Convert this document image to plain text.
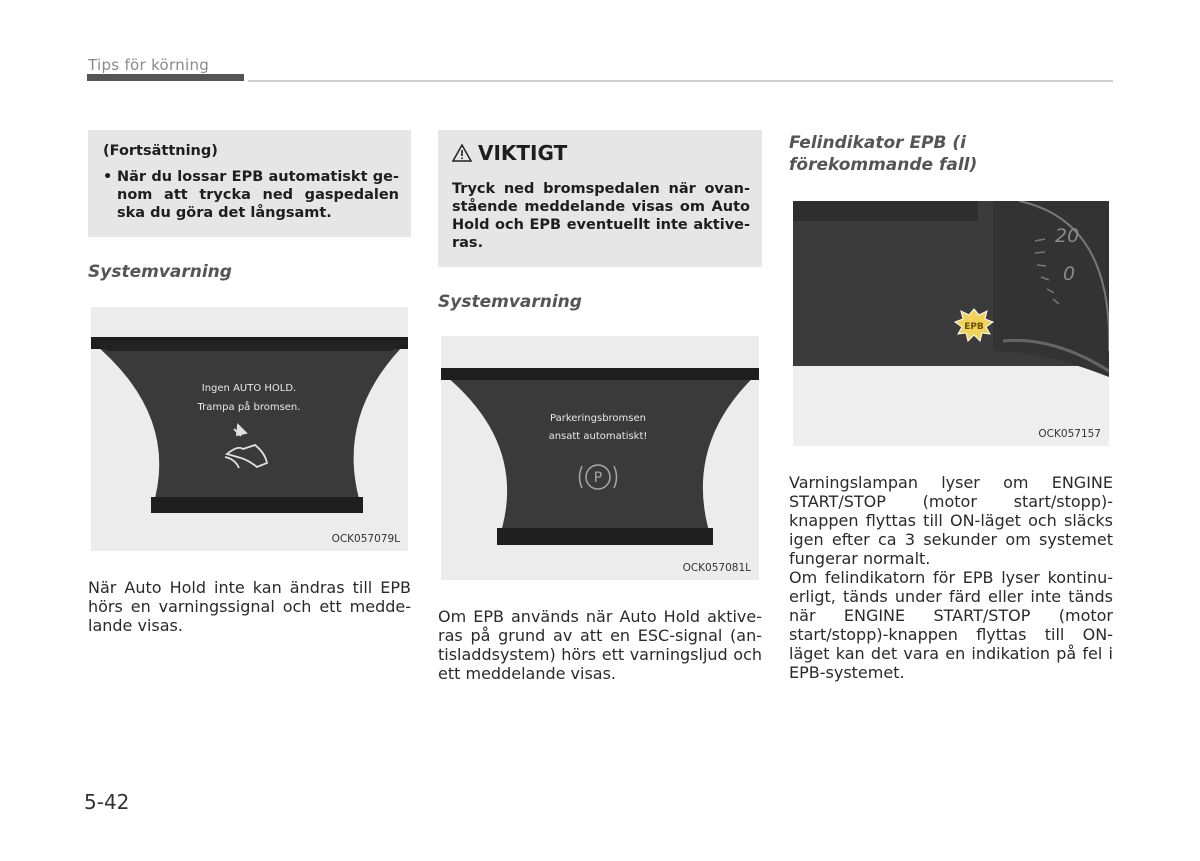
Tips för körning
(Fortsättning)
• När du lossar EPB automatiskt ge-nom att trycka ned gaspedalen ska du göra det långsamt.
Systemvarning
Ingen AUTO HOLD.
Trampa på bromsen.
OCK057079L
När Auto Hold inte kan ändras till EPB hörs en varningssignal och ett medde-lande visas.
VIKTIGT
Tryck ned bromspedalen när ovan-stående meddelande visas om Auto Hold och EPB eventuellt inte aktive-ras.
Systemvarning
Parkeringsbromsen
ansatt automatiskt!
P
OCK057081L
Om EPB används när Auto Hold aktive-ras på grund av att en ESC-signal (an-tisladdsystem) hörs ett varningsljud och ett meddelande visas.
Felindikator EPB (i förekommande fall)
20
0
EPB
OCK057157
Varningslampan lyser om ENGINE START/STOP (motor start/stopp)-knappen flyttas till ON-läget och släcks igen efter ca 3 sekunder om systemet fungerar normalt.
Om felindikatorn för EPB lyser kontinu-erligt, tänds under färd eller inte tänds när ENGINE START/STOP (motor start/stopp)-knappen flyttas till ON-läget kan det vara en indikation på fel i EPB-systemet.
5-42
